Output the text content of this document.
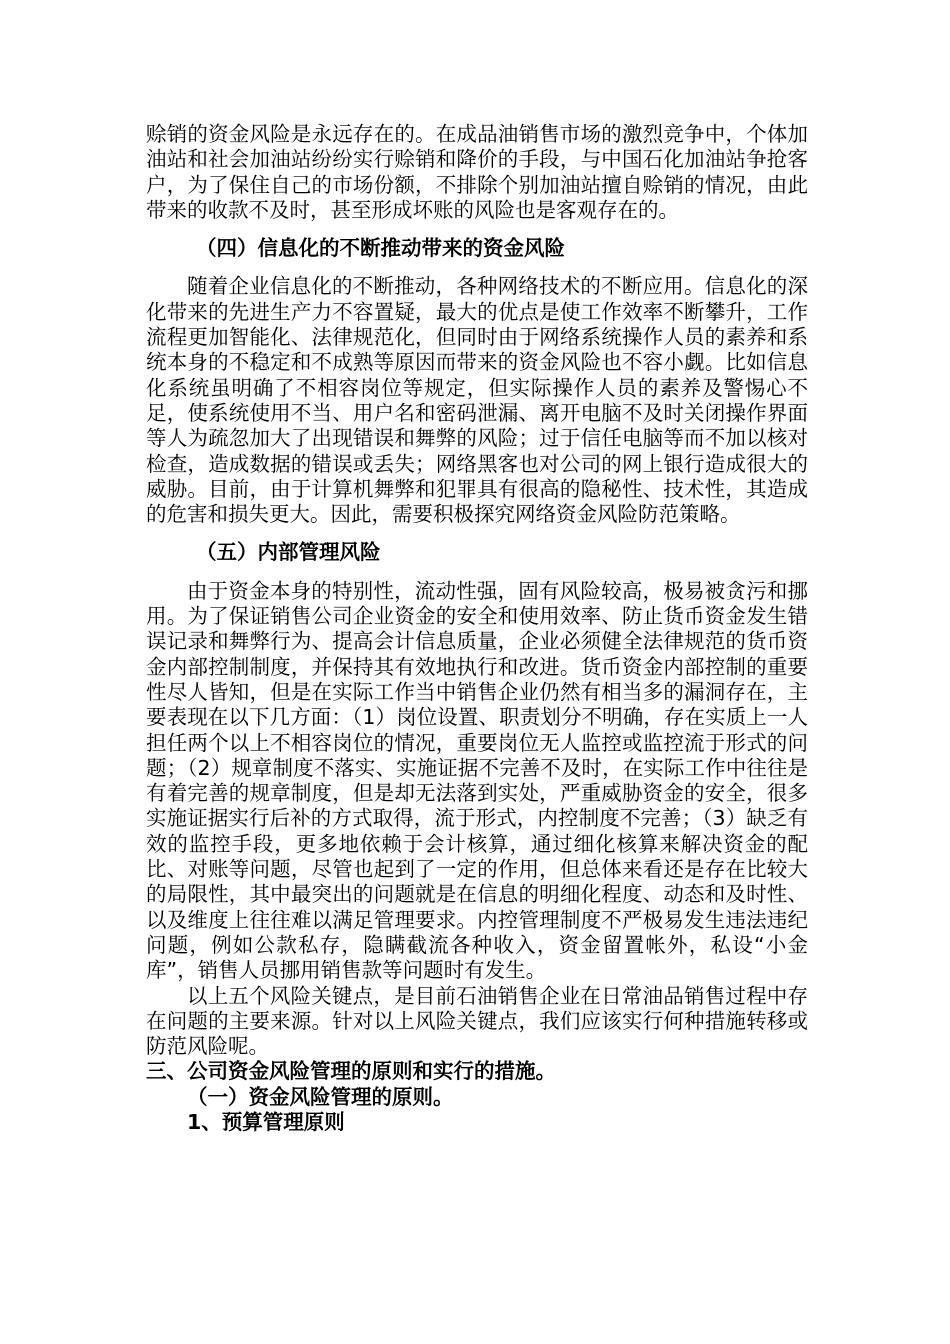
赊销的资金风险是永远存在的。在成品油销售市场的激烈竞争中，个体加油站和社会加油站纷纷实行赊销和降价的手段，与中国石化加油站争抢客户，为了保住自己的市场份额，不排除个别加油站擅自赊销的情况，由此带来的收款不及时，甚至形成坏账的风险也是客观存在的。

（四）信息化的不断推动带来的资金风险

随着企业信息化的不断推动，各种网络技术的不断应用。信息化的深化带来的先进生产力不容置疑，最大的优点是使工作效率不断攀升，工作流程更加智能化、法律规范化，但同时由于网络系统操作人员的素养和系统本身的不稳定和不成熟等原因而带来的资金风险也不容小觑。比如信息化系统虽明确了不相容岗位等规定，但实际操作人员的素养及警惕心不足，使系统使用不当、用户名和密码泄漏、离开电脑不及时关闭操作界面等人为疏忽加大了出现错误和舞弊的风险；过于信任电脑等而不加以核对检查，造成数据的错误或丢失；网络黑客也对公司的网上银行造成很大的威胁。目前，由于计算机舞弊和犯罪具有很高的隐秘性、技术性，其造成的危害和损失更大。因此，需要积极探究网络资金风险防范策略。

（五）内部管理风险

由于资金本身的特别性，流动性强，固有风险较高，极易被贪污和挪用。为了保证销售公司企业资金的安全和使用效率、防止货币资金发生错误记录和舞弊行为、提高会计信息质量，企业必须健全法律规范的货币资金内部控制制度，并保持其有效地执行和改进。货币资金内部控制的重要性尽人皆知，但是在实际工作当中销售企业仍然有相当多的漏洞存在，主要表现在以下几方面：（1）岗位设置、职责划分不明确，存在实质上一人担任两个以上不相容岗位的情况，重要岗位无人监控或监控流于形式的问题；（2）规章制度不落实、实施证据不完善不及时，在实际工作中往往是有着完善的规章制度，但是却无法落到实处，严重威胁资金的安全，很多实施证据实行后补的方式取得，流于形式，内控制度不完善；（3）缺乏有效的监控手段，更多地依赖于会计核算，通过细化核算来解决资金的配比、对账等问题，尽管也起到了一定的作用，但总体来看还是存在比较大的局限性，其中最突出的问题就是在信息的明细化程度、动态和及时性、以及维度上往往难以满足管理要求。内控管理制度不严极易发生违法违纪问题，例如公款私存，隐瞒截流各种收入，资金留置帐外，私设“小金库”，销售人员挪用销售款等问题时有发生。

以上五个风险关键点，是目前石油销售企业在日常油品销售过程中存在问题的主要来源。针对以上风险关键点，我们应该实行何种措施转移或防范风险呢。

三、公司资金风险管理的原则和实行的措施。

（一）资金风险管理的原则。

1、预算管理原则
